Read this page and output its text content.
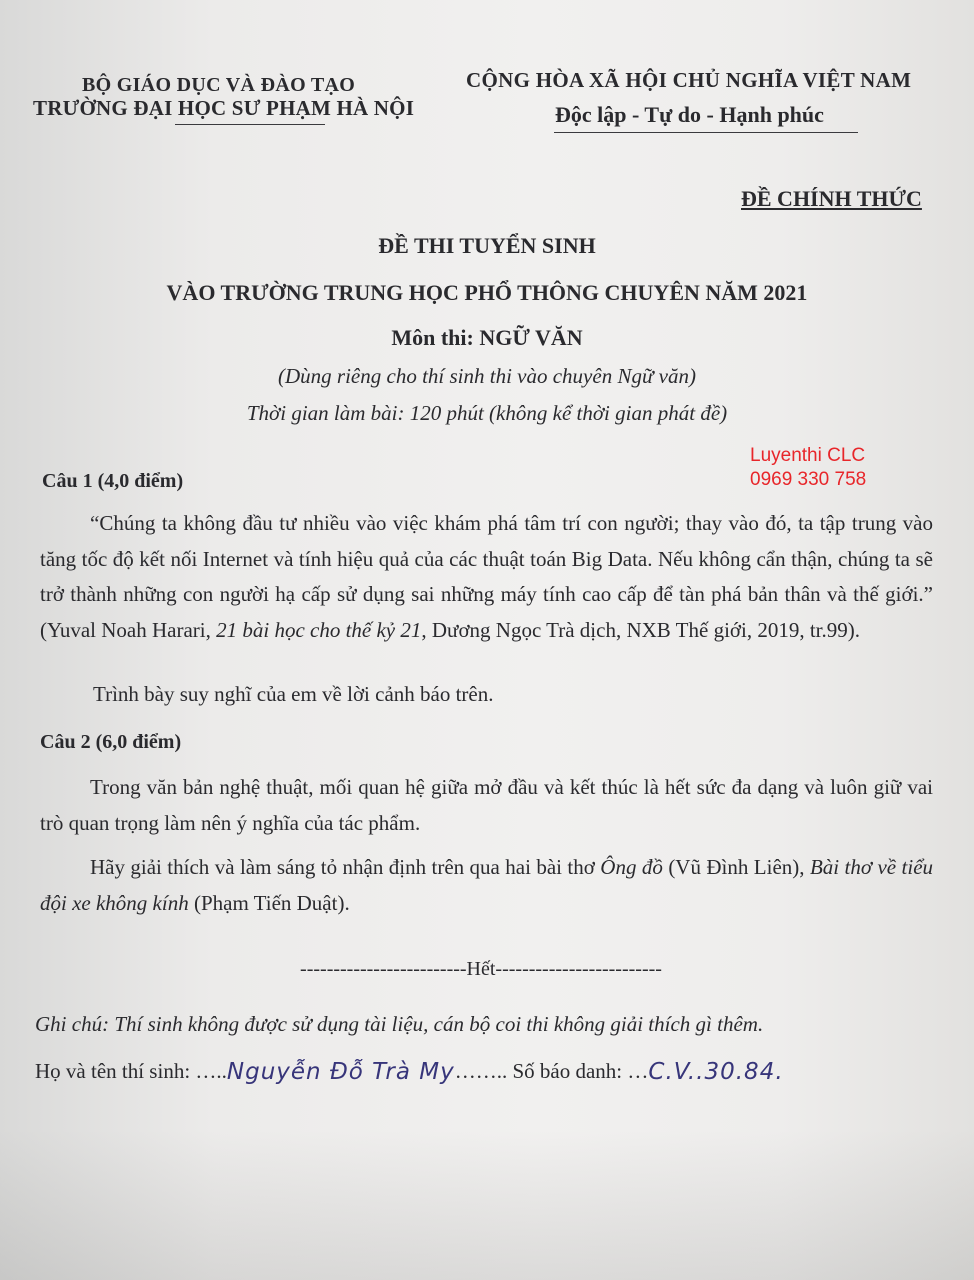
BỘ GIÁO DỤC VÀ ĐÀO TẠO
TRƯỜNG ĐẠI HỌC SƯ PHẠM HÀ NỘI
CỘNG HÒA XÃ HỘI CHỦ NGHĨA VIỆT NAM
Độc lập - Tự do - Hạnh phúc
ĐỀ CHÍNH THỨC
ĐỀ THI TUYỂN SINH
VÀO TRƯỜNG TRUNG HỌC PHỔ THÔNG CHUYÊN NĂM 2021
Môn thi: NGỮ VĂN
(Dùng riêng cho thí sinh thi vào chuyên Ngữ văn)
Thời gian làm bài: 120 phút (không kể thời gian phát đề)
Luyenthi CLC
0969 330 758
Câu 1 (4,0 điểm)
“Chúng ta không đầu tư nhiều vào việc khám phá tâm trí con người; thay vào đó, ta tập trung vào tăng tốc độ kết nối Internet và tính hiệu quả của các thuật toán Big Data. Nếu không cẩn thận, chúng ta sẽ trở thành những con người hạ cấp sử dụng sai những máy tính cao cấp để tàn phá bản thân và thế giới.” (Yuval Noah Harari, 21 bài học cho thế kỷ 21, Dương Ngọc Trà dịch, NXB Thế giới, 2019, tr.99).
Trình bày suy nghĩ của em về lời cảnh báo trên.
Câu 2 (6,0 điểm)
Trong văn bản nghệ thuật, mối quan hệ giữa mở đầu và kết thúc là hết sức đa dạng và luôn giữ vai trò quan trọng làm nên ý nghĩa của tác phẩm.
Hãy giải thích và làm sáng tỏ nhận định trên qua hai bài thơ Ông đồ (Vũ Đình Liên), Bài thơ về tiểu đội xe không kính (Phạm Tiến Duật).
-------------------------Hết-------------------------
Ghi chú: Thí sinh không được sử dụng tài liệu, cán bộ coi thi không giải thích gì thêm.
Họ và tên thí sinh: …..Nguyễn Đỗ Trà My…….. Số báo danh: …C.V..30.84.
